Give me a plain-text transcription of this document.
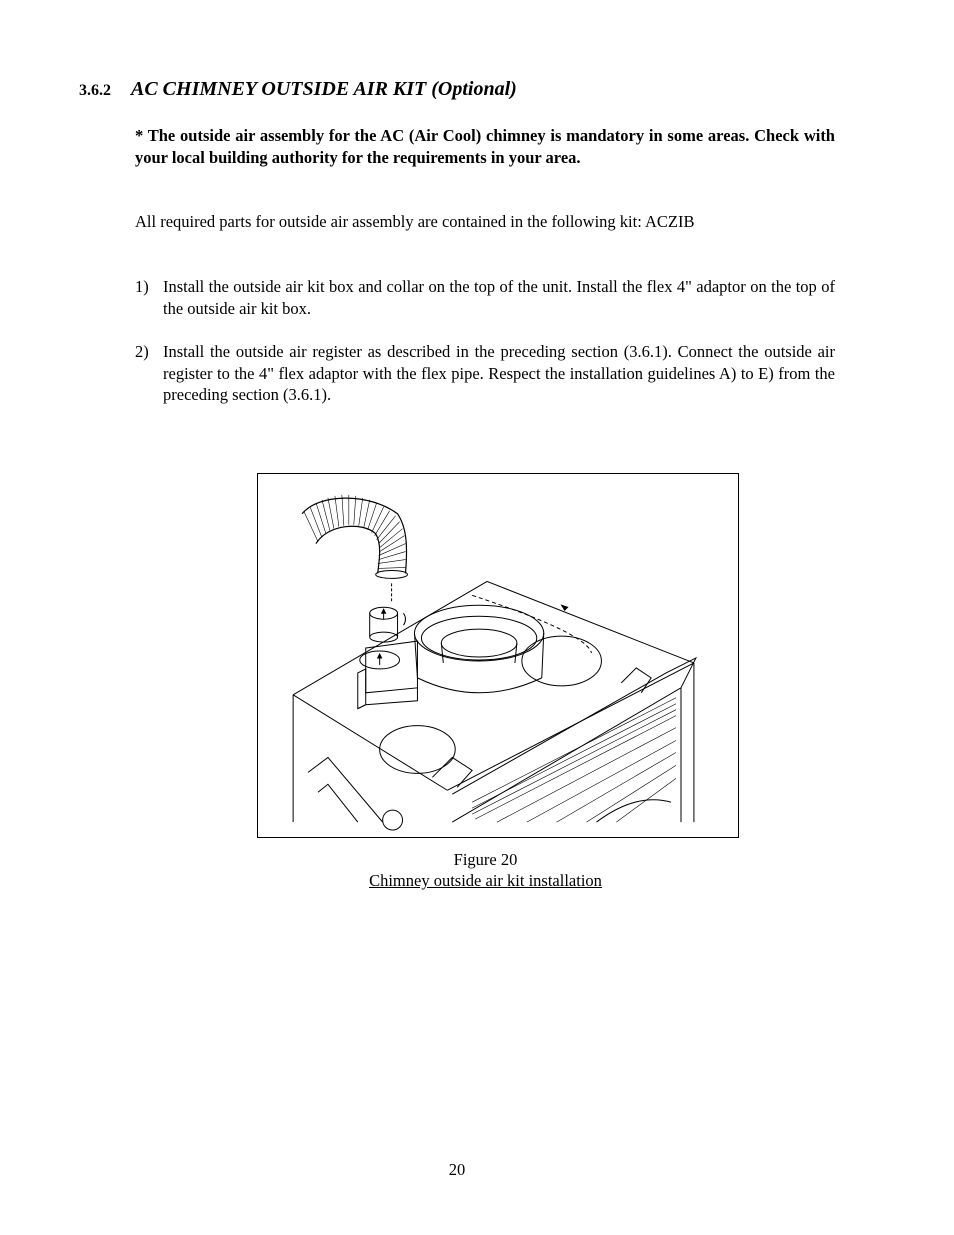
3.6.2 AC CHIMNEY OUTSIDE AIR KIT (Optional)
* The outside air assembly for the AC (Air Cool) chimney is mandatory in some areas. Check with your local building authority for the requirements in your area.
All required parts for outside air assembly are contained in the following kit: ACZIB
1) Install the outside air kit box and collar on the top of the unit. Install the flex 4" adaptor on the top of the outside air kit box.
2) Install the outside air register as described in the preceding section (3.6.1). Connect the outside air register to the 4" flex adaptor with the flex pipe. Respect the installation guidelines A) to E) from the preceding section (3.6.1).
Figure 20
Chimney outside air kit installation
20
